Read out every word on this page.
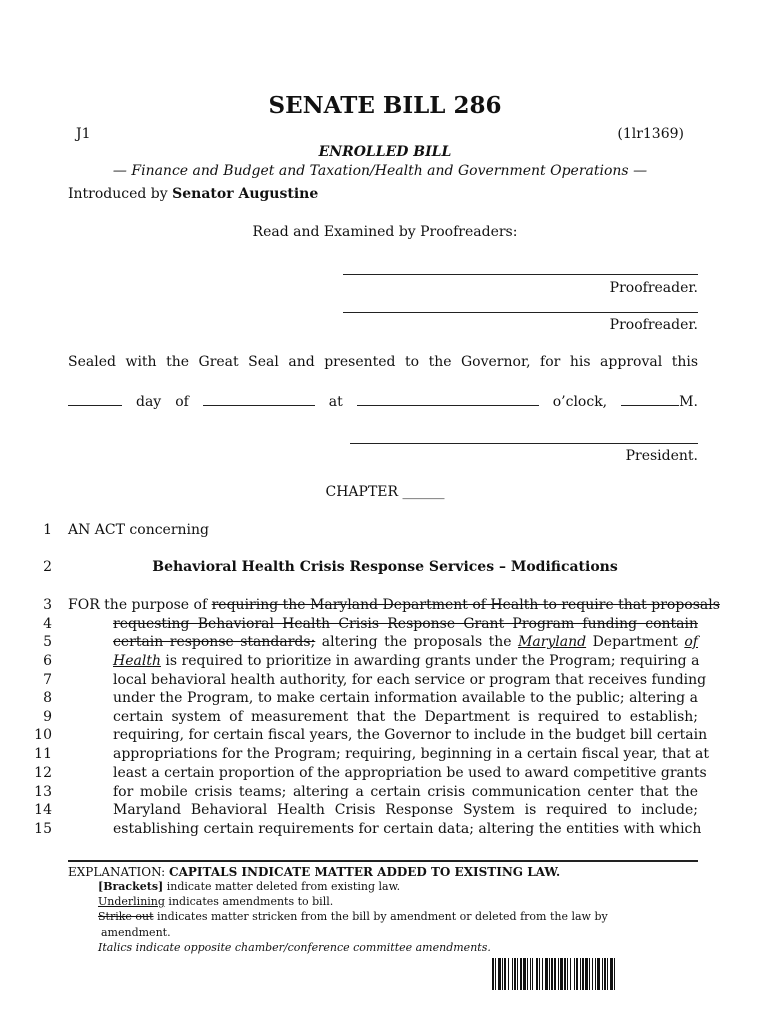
SENATE BILL 286
J1	(1lr1369)
ENROLLED BILL
— Finance and Budget and Taxation/Health and Government Operations —
Introduced by Senator Augustine
Read and Examined by Proofreaders:
Proofreader.
Proofreader.
Sealed with the Great Seal and presented to the Governor, for his approval this
day of	at	o’clock,	M.
President.
CHAPTER ______
1 AN ACT concerning
2	Behavioral Health Crisis Response Services – Modifications
3 FOR the purpose of requiring the Maryland Department of Health to require that proposals
4	requesting Behavioral Health Crisis Response Grant Program funding contain
5	certain response standards; altering the proposals the Maryland Department of
6	Health is required to prioritize in awarding grants under the Program; requiring a
7	local behavioral health authority, for each service or program that receives funding
8	under the Program, to make certain information available to the public; altering a
9	certain system of measurement that the Department is required to establish;
10	requiring, for certain fiscal years, the Governor to include in the budget bill certain
11	appropriations for the Program; requiring, beginning in a certain fiscal year, that at
12	least a certain proportion of the appropriation be used to award competitive grants
13	for mobile crisis teams; altering a certain crisis communication center that the
14	Maryland Behavioral Health Crisis Response System is required to include;
15	establishing certain requirements for certain data; altering the entities with which
EXPLANATION: CAPITALS INDICATE MATTER ADDED TO EXISTING LAW.
[Brackets] indicate matter deleted from existing law.
Underlining indicates amendments to bill.
Strike out indicates matter stricken from the bill by amendment or deleted from the law by
amendment.
Italics indicate opposite chamber/conference committee amendments.
